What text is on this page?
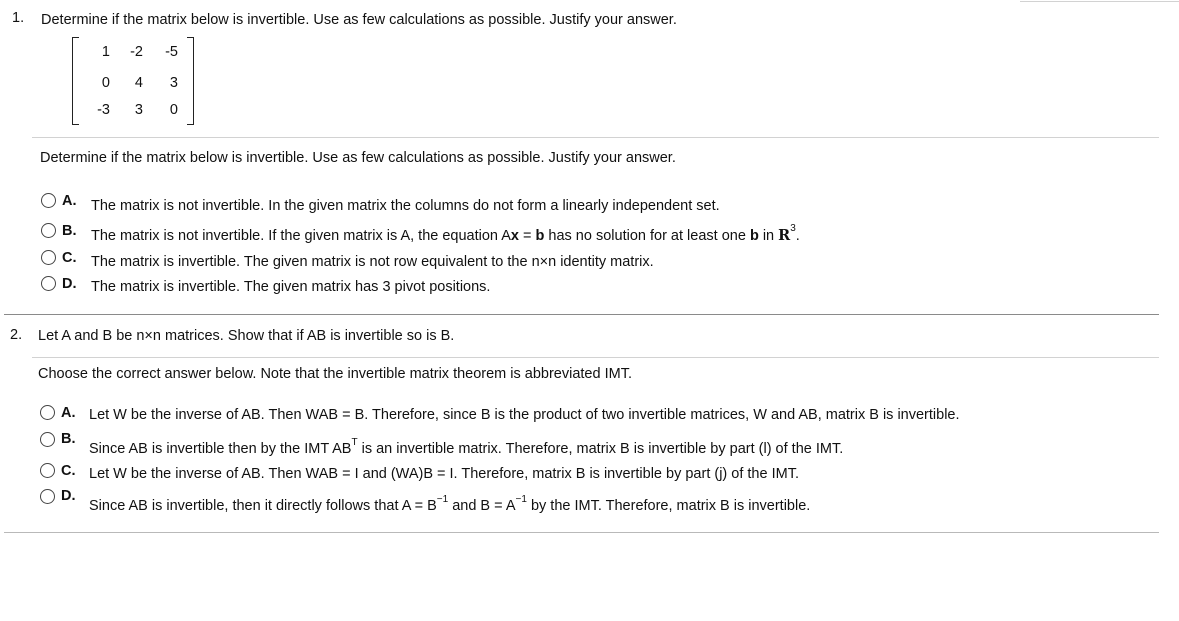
1. Determine if the matrix below is invertible. Use as few calculations as possible. Justify your answer.
1	-2	-5
0	4	3
-3	3	0
Determine if the matrix below is invertible. Use as few calculations as possible. Justify your answer.
A. The matrix is not invertible. In the given matrix the columns do not form a linearly independent set.
B. The matrix is not invertible. If the given matrix is A, the equation Ax = b has no solution for at least one b in $R^3$.
C. The matrix is invertible. The given matrix is not row equivalent to the n×n identity matrix.
D. The matrix is invertible. The given matrix has 3 pivot positions.
2. Let A and B be n×n matrices. Show that if AB is invertible so is B.
Choose the correct answer below. Note that the invertible matrix theorem is abbreviated IMT.
A. Let W be the inverse of AB. Then WAB = B. Therefore, since B is the product of two invertible matrices, W and AB, matrix B is invertible.
B.
Since AB is invertible then by the IMT $AB^T$ is an invertible matrix. Therefore, matrix B is invertible by part (l) of the IMT.
C. Let W be the inverse of AB. Then WAB = I and (WA)B = I. Therefore, matrix B is invertible by part (j) of the IMT.
D.
Since AB is invertible, then it directly follows that $A = B^{-1}$ and $B = A^{-1}$ by the IMT. Therefore, matrix B is invertible.
